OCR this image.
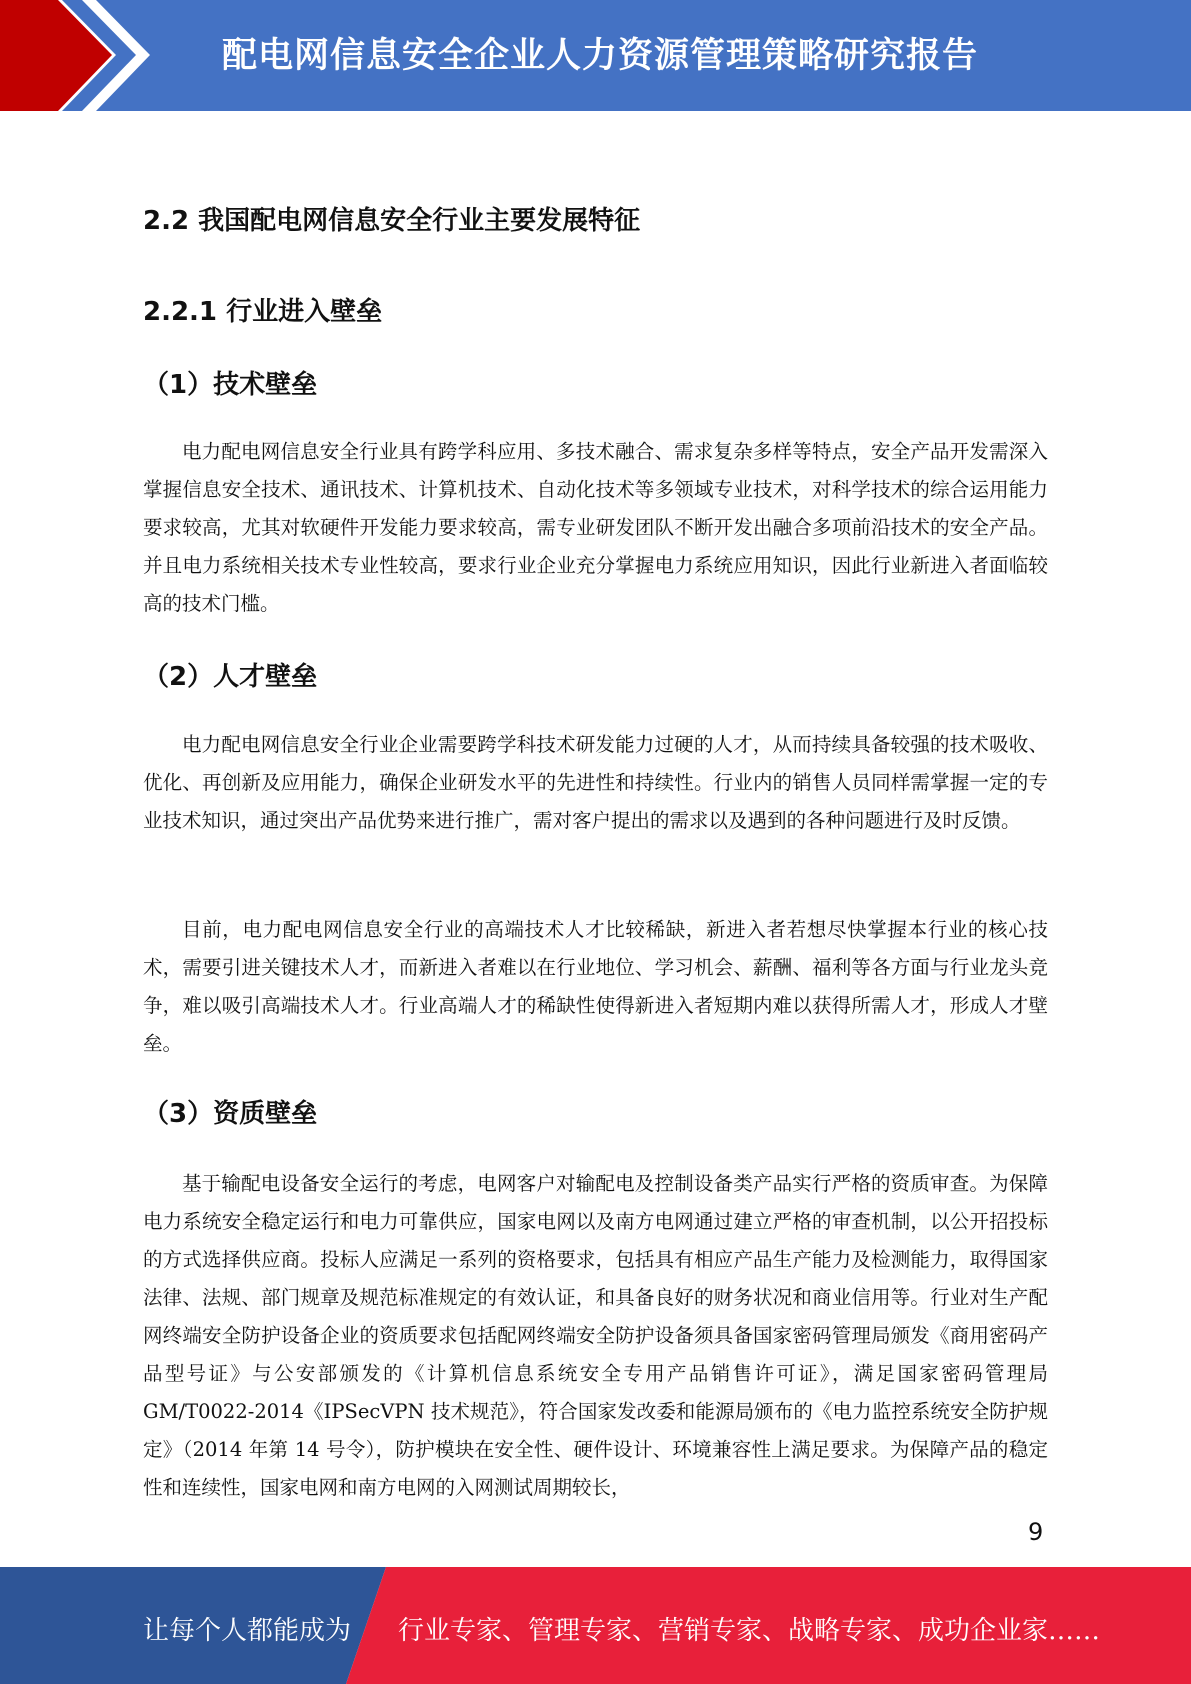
配电网信息安全企业人力资源管理策略研究报告
2.2 我国配电网信息安全行业主要发展特征
2.2.1 行业进入壁垒
（1）技术壁垒

电力配电网信息安全行业具有跨学科应用、多技术融合、需求复杂多样等特点，安全产品开发需深入掌握信息安全技术、通讯技术、计算机技术、自动化技术等多领域专业技术，对科学技术的综合运用能力要求较高，尤其对软硬件开发能力要求较高，需专业研发团队不断开发出融合多项前沿技术的安全产品。并且电力系统相关技术专业性较高，要求行业企业充分掌握电力系统应用知识，因此行业新进入者面临较高的技术门槛。

（2）人才壁垒

电力配电网信息安全行业企业需要跨学科技术研发能力过硬的人才，从而持续具备较强的技术吸收、优化、再创新及应用能力，确保企业研发水平的先进性和持续性。行业内的销售人员同样需掌握一定的专业技术知识，通过突出产品优势来进行推广，需对客户提出的需求以及遇到的各种问题进行及时反馈。

目前，电力配电网信息安全行业的高端技术人才比较稀缺，新进入者若想尽快掌握本行业的核心技术，需要引进关键技术人才，而新进入者难以在行业地位、学习机会、薪酬、福利等各方面与行业龙头竞争，难以吸引高端技术人才。行业高端人才的稀缺性使得新进入者短期内难以获得所需人才，形成人才壁垒。

（3）资质壁垒

基于输配电设备安全运行的考虑，电网客户对输配电及控制设备类产品实行严格的资质审查。为保障电力系统安全稳定运行和电力可靠供应，国家电网以及南方电网通过建立严格的审查机制，以公开招投标的方式选择供应商。投标人应满足一系列的资格要求，包括具有相应产品生产能力及检测能力，取得国家法律、法规、部门规章及规范标准规定的有效认证，和具备良好的财务状况和商业信用等。行业对生产配网终端安全防护设备企业的资质要求包括配网终端安全防护设备须具备国家密码管理局颁发《商用密码产品型号证》与公安部颁发的《计算机信息系统安全专用产品销售许可证》，满足国家密码管理局 GM/T0022-2014《IPSecVPN 技术规范》，符合国家发改委和能源局颁布的《电力监控系统安全防护规定》（2014 年第 14 号令），防护模块在安全性、硬件设计、环境兼容性上满足要求。为保障产品的稳定性和连续性，国家电网和南方电网的入网测试周期较长，

9
让每个人都能成为 行业专家、管理专家、营销专家、战略专家、成功企业家……
